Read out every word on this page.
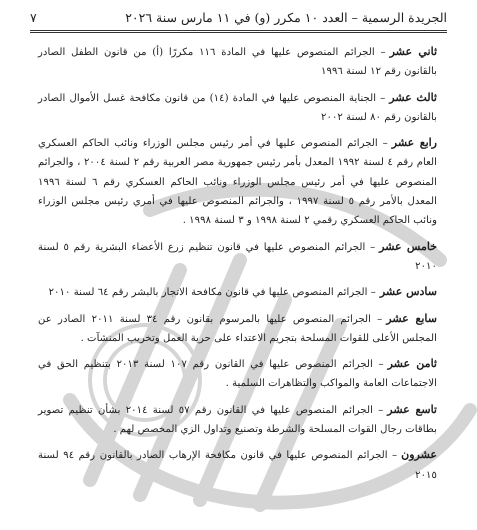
الجريدة الرسمية – العدد ١٠ مكرر (و) في ١١ مارس سنة ٢٠٢٦
٧
ثاني عشر– الجرائم المنصوص عليها في المادة ١١٦ مكررًا (أ) من قانون الطفل الصادر بالقانون رقم ١٢ لسنة ١٩٩٦
ثالث عشر– الجناية المنصوص عليها في المادة (١٤) من قانون مكافحة غسل الأموال الصادر بالقانون رقم ٨٠ لسنة ٢٠٠٢
رابع عشر– الجرائم المنصوص عليها في أمر رئيس مجلس الوزراء ونائب الحاكم العسكري العام رقم ٤ لسنة ١٩٩٢ المعدل بأمر رئيس جمهورية مصر العربية رقم ٢ لسنة ٢٠٠٤ ، والجرائم المنصوص عليها في أمر رئيس مجلس الوزراء ونائب الحاكم العسكري رقم ٦ لسنة ١٩٩٦ المعدل بالأمر رقم ٥ لسنة ١٩٩٧ ، والجرائم المنصوص عليها في أمري رئيس مجلس الوزراء ونائب الحاكم العسكري رقمي ٢ لسنة ١٩٩٨ و ٣ لسنة ١٩٩٨ .
خامس عشر– الجرائم المنصوص عليها في قانون تنظيم زرع الأعضاء البشرية رقم ٥ لسنة ٢٠١٠
سادس عشر– الجرائم المنصوص عليها في قانون مكافحة الاتجار بالبشر رقم ٦٤ لسنة ٢٠١٠
سابع عشر– الجرائم المنصوص عليها بالمرسوم بقانون رقم ٣٤ لسنة ٢٠١١ الصادر عن المجلس الأعلى للقوات المسلحة بتجريم الاعتداء على حرية العمل وتخريب المنشآت .
ثامن عشر– الجرائم المنصوص عليها في القانون رقم ١٠٧ لسنة ٢٠١٣ بتنظيم الحق في الاجتماعات العامة والمواكب والتظاهرات السلمية .
تاسع عشر– الجرائم المنصوص عليها في القانون رقم ٥٧ لسنة ٢٠١٤ بشأن تنظيم تصوير بطاقات رجال القوات المسلحة والشرطة وتصنيع وتداول الزي المخصص لهم .
عشرون– الجرائم المنصوص عليها في قانون مكافحة الإرهاب الصادر بالقانون رقم ٩٤ لسنة ٢٠١٥
